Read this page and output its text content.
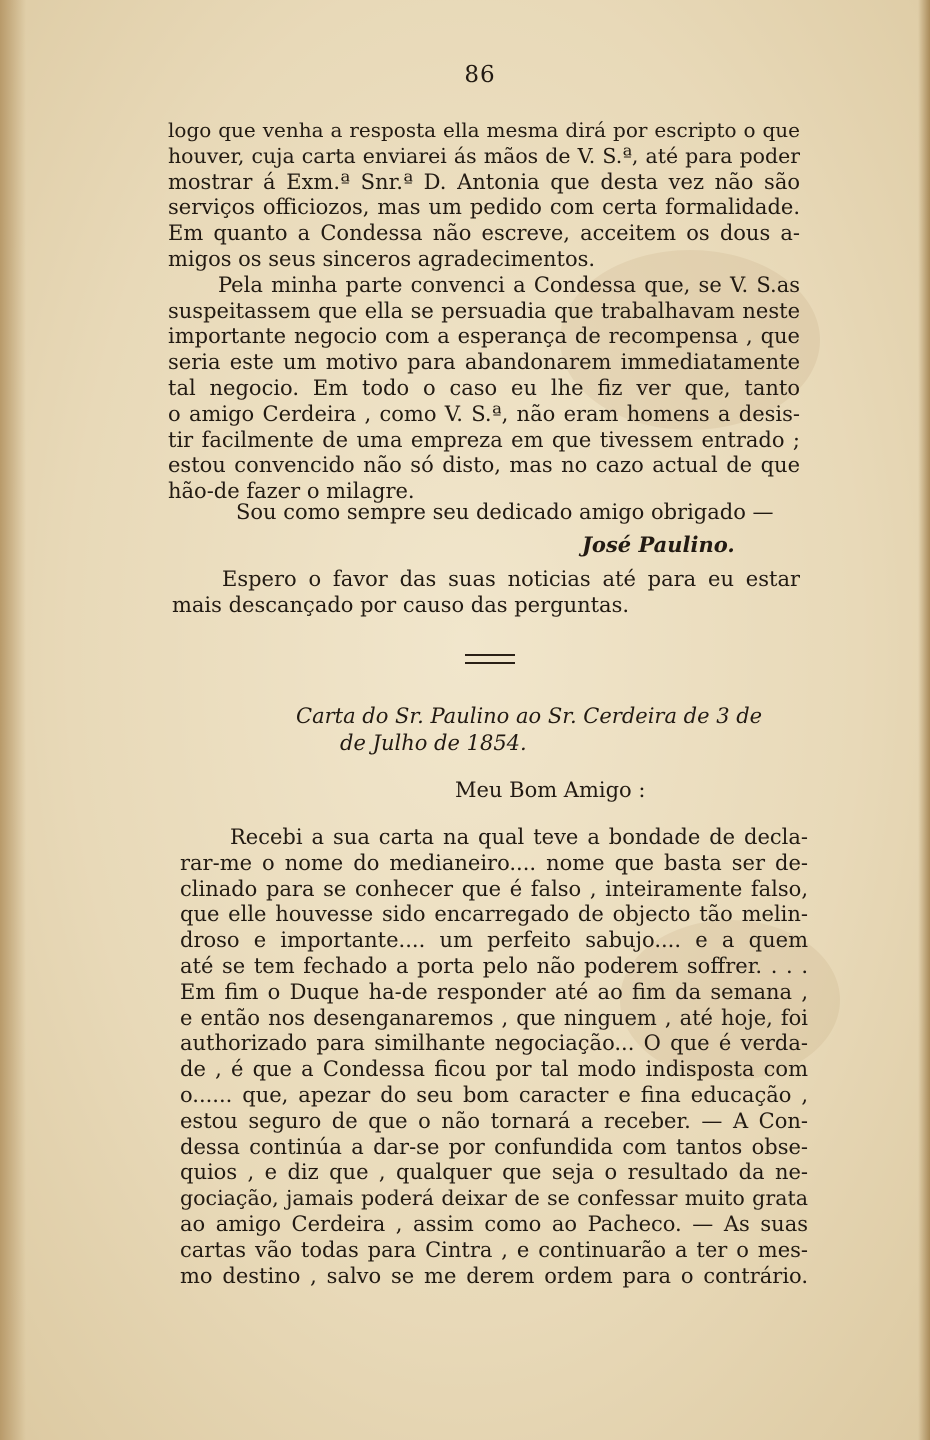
86
logo que venha a resposta ella mesma dirá por escripto o que
houver, cuja carta enviarei ás mãos de V. S.ª, até para poder
mostrar á Exm.ª Snr.ª D. Antonia que desta vez não são
serviços officiozos, mas um pedido com certa formalidade.
Em quanto a Condessa não escreve, acceitem os dous a-
migos os seus sinceros agradecimentos.
Pela minha parte convenci a Condessa que, se V. S.as
suspeitassem que ella se persuadia que trabalhavam neste
importante negocio com a esperança de recompensa , que
seria este um motivo para abandonarem immediatamente
tal negocio. Em todo o caso eu lhe fiz ver que, tanto
o amigo Cerdeira , como V. S.ª, não eram homens a desis-
tir facilmente de uma empreza em que tivessem entrado ;
estou convencido não só disto, mas no cazo actual de que
hão-de fazer o milagre.
Sou como sempre seu dedicado amigo obrigado —
José Paulino.
Espero o favor das suas noticias até para eu estar
mais descançado por causo das perguntas.
Carta do Sr. Paulino ao Sr. Cerdeira de 3 de
de Julho de 1854.
Meu Bom Amigo :
Recebi a sua carta na qual teve a bondade de decla-
rar-me o nome do medianeiro.... nome que basta ser de-
clinado para se conhecer que é falso , inteiramente falso,
que elle houvesse sido encarregado de objecto tão melin-
droso e importante.... um perfeito sabujo.... e a quem
até se tem fechado a porta pelo não poderem soffrer. . . .
Em fim o Duque ha-de responder até ao fim da semana ,
e então nos desenganaremos , que ninguem , até hoje, foi
authorizado para similhante negociação... O que é verda-
de , é que a Condessa ficou por tal modo indisposta com
o...... que, apezar do seu bom caracter e fina educação ,
estou seguro de que o não tornará a receber. — A Con-
dessa continúa a dar-se por confundida com tantos obse-
quios , e diz que , qualquer que seja o resultado da ne-
gociação, jamais poderá deixar de se confessar muito grata
ao amigo Cerdeira , assim como ao Pacheco. — As suas
cartas vão todas para Cintra , e continuarão a ter o mes-
mo destino , salvo se me derem ordem para o contrário.
